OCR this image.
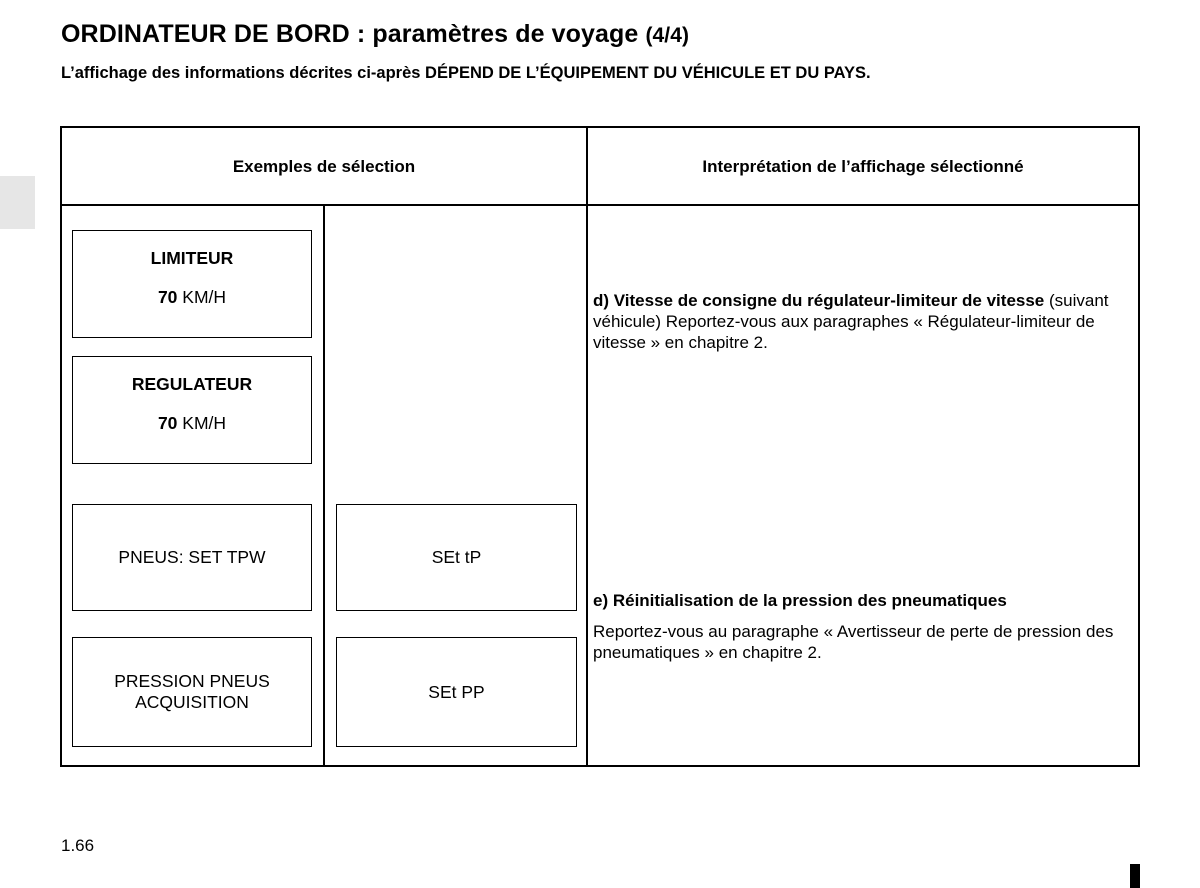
ORDINATEUR DE BORD : paramètres de voyage (4/4)

L’affichage des informations décrites ci-après DÉPEND DE L’ÉQUIPEMENT DU VÉHICULE ET DU PAYS.

Exemples de sélection	Interprétation de l’affichage sélectionné
LIMITEUR
70 KM/H
REGULATEUR
70 KM/H
PNEUS: SET TPW
PRESSION PNEUS ACQUISITION
SEt tP
SEt PP
d) Vitesse de consigne du régulateur-limiteur de vitesse (suivant véhicule) Reportez-vous aux paragraphes « Régulateur-limiteur de vitesse » en chapitre 2.
e) Réinitialisation de la pression des pneumatiques
Reportez-vous au paragraphe « Avertisseur de perte de pression des pneumatiques » en chapitre 2.
1.66
